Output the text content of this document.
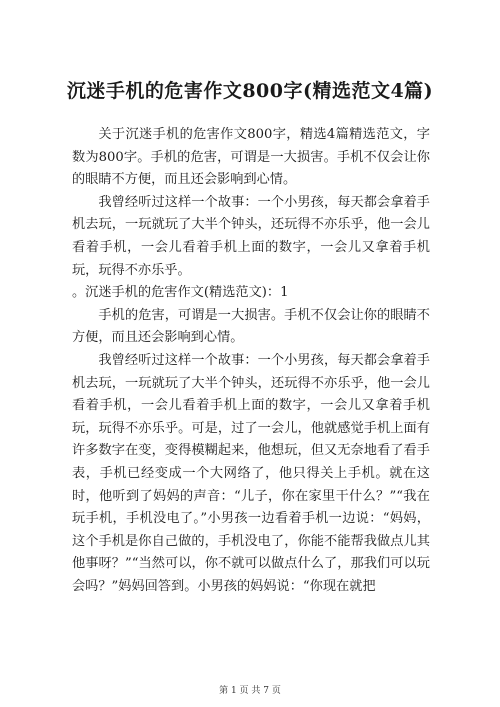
沉迷手机的危害作文800字(精选范文4篇)

关于沉迷手机的危害作文800字，精选4篇精选范文，字数为800字。手机的危害，可谓是一大损害。手机不仅会让你的眼睛不方便，而且还会影响到心情。

我曾经听过这样一个故事：一个小男孩，每天都会拿着手机去玩，一玩就玩了大半个钟头，还玩得不亦乐乎，他一会儿看着手机，一会儿看着手机上面的数字，一会儿又拿着手机玩，玩得不亦乐乎。

。沉迷手机的危害作文(精选范文)：1

手机的危害，可谓是一大损害。手机不仅会让你的眼睛不方便，而且还会影响到心情。

我曾经听过这样一个故事：一个小男孩，每天都会拿着手机去玩，一玩就玩了大半个钟头，还玩得不亦乐乎，他一会儿看着手机，一会儿看着手机上面的数字，一会儿又拿着手机玩，玩得不亦乐乎。可是，过了一会儿，他就感觉手机上面有许多数字在变，变得模糊起来，他想玩，但又无奈地看了看手表，手机已经变成一个大网络了，他只得关上手机。就在这时，他听到了妈妈的声音：“儿子，你在家里干什么？”“我在玩手机，手机没电了。”小男孩一边看着手机一边说：“妈妈，这个手机是你自己做的，手机没电了，你能不能帮我做点儿其他事呀？”“当然可以，你不就可以做点什么了，那我们可以玩会吗？”妈妈回答到。小男孩的妈妈说：“你现在就把

第 1 页 共 7 页
